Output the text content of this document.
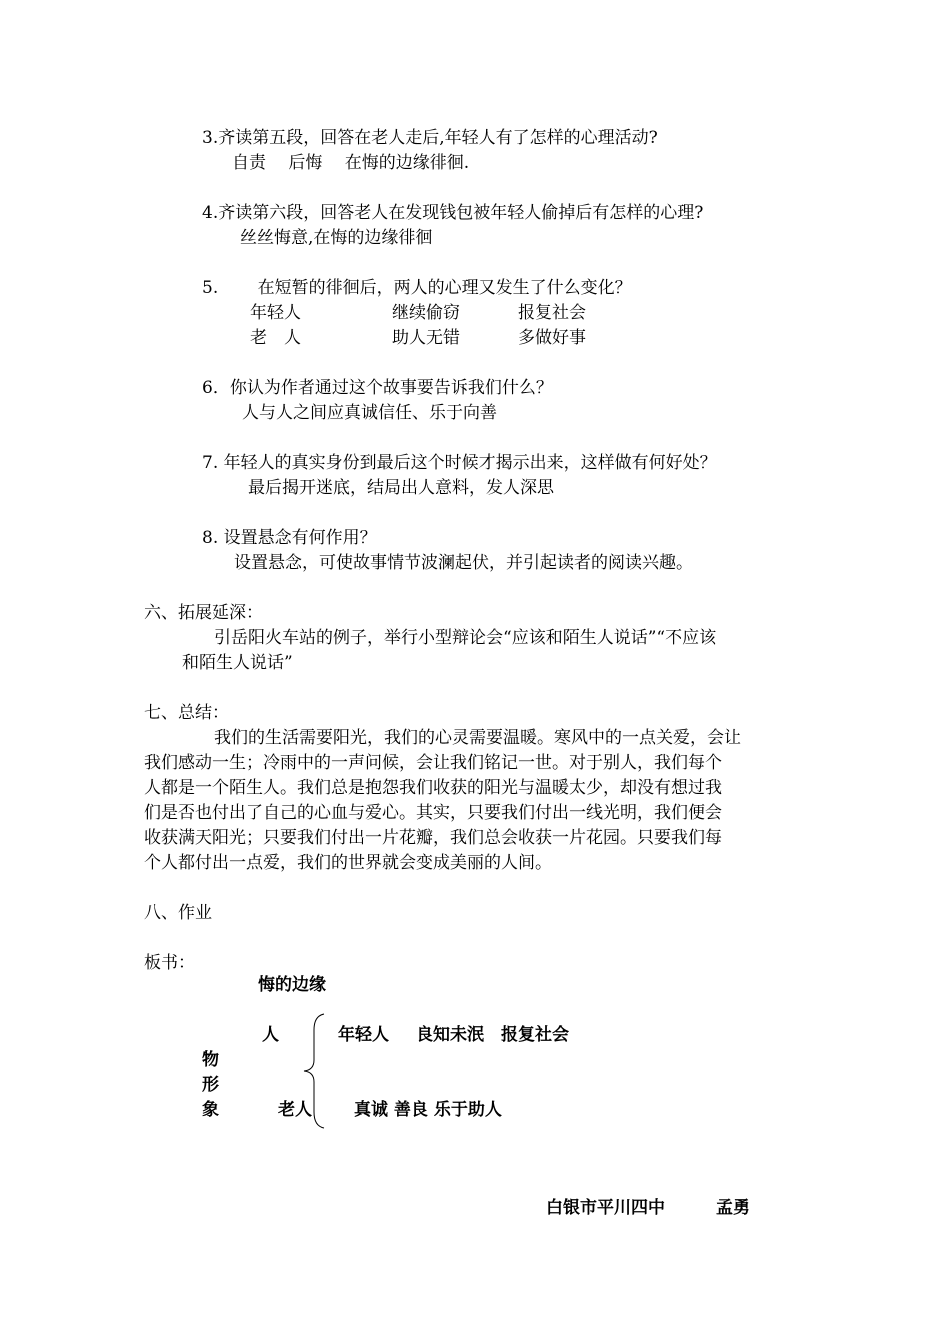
3.齐读第五段，回答在老人走后,年轻人有了怎样的心理活动?
自责　 后悔　 在悔的边缘徘徊.
4.齐读第六段，回答老人在发现钱包被年轻人偷掉后有怎样的心理?
丝丝悔意,在悔的边缘徘徊
5.　　 在短暂的徘徊后，两人的心理又发生了什么变化？
年轻人	继续偷窃	报复社会
老　人	助人无错	多做好事
6．你认为作者通过这个故事要告诉我们什么？
人与人之间应真诚信任、乐于向善
7. 年轻人的真实身份到最后这个时候才揭示出来，这样做有何好处？
最后揭开迷底，结局出人意料，发人深思
8. 设置悬念有何作用？
设置悬念，可使故事情节波澜起伏，并引起读者的阅读兴趣。
六、拓展延深：
引岳阳火车站的例子，举行小型辩论会“应该和陌生人说话”“不应该
和陌生人说话”
七、总结：
我们的生活需要阳光，我们的心灵需要温暖。寒风中的一点关爱，会让
我们感动一生；冷雨中的一声问候，会让我们铭记一世。对于别人，我们每个
人都是一个陌生人。我们总是抱怨我们收获的阳光与温暖太少，却没有想过我
们是否也付出了自己的心血与爱心。其实，只要我们付出一线光明，我们便会
收获满天阳光；只要我们付出一片花瓣，我们总会收获一片花园。只要我们每
个人都付出一点爱，我们的世界就会变成美丽的人间。
八、作业
板书：
悔的边缘
人
物
形
象
年轻人 良知未泯　报复社会
老人 真诚 善良 乐于助人
白银市平川四中	孟勇
